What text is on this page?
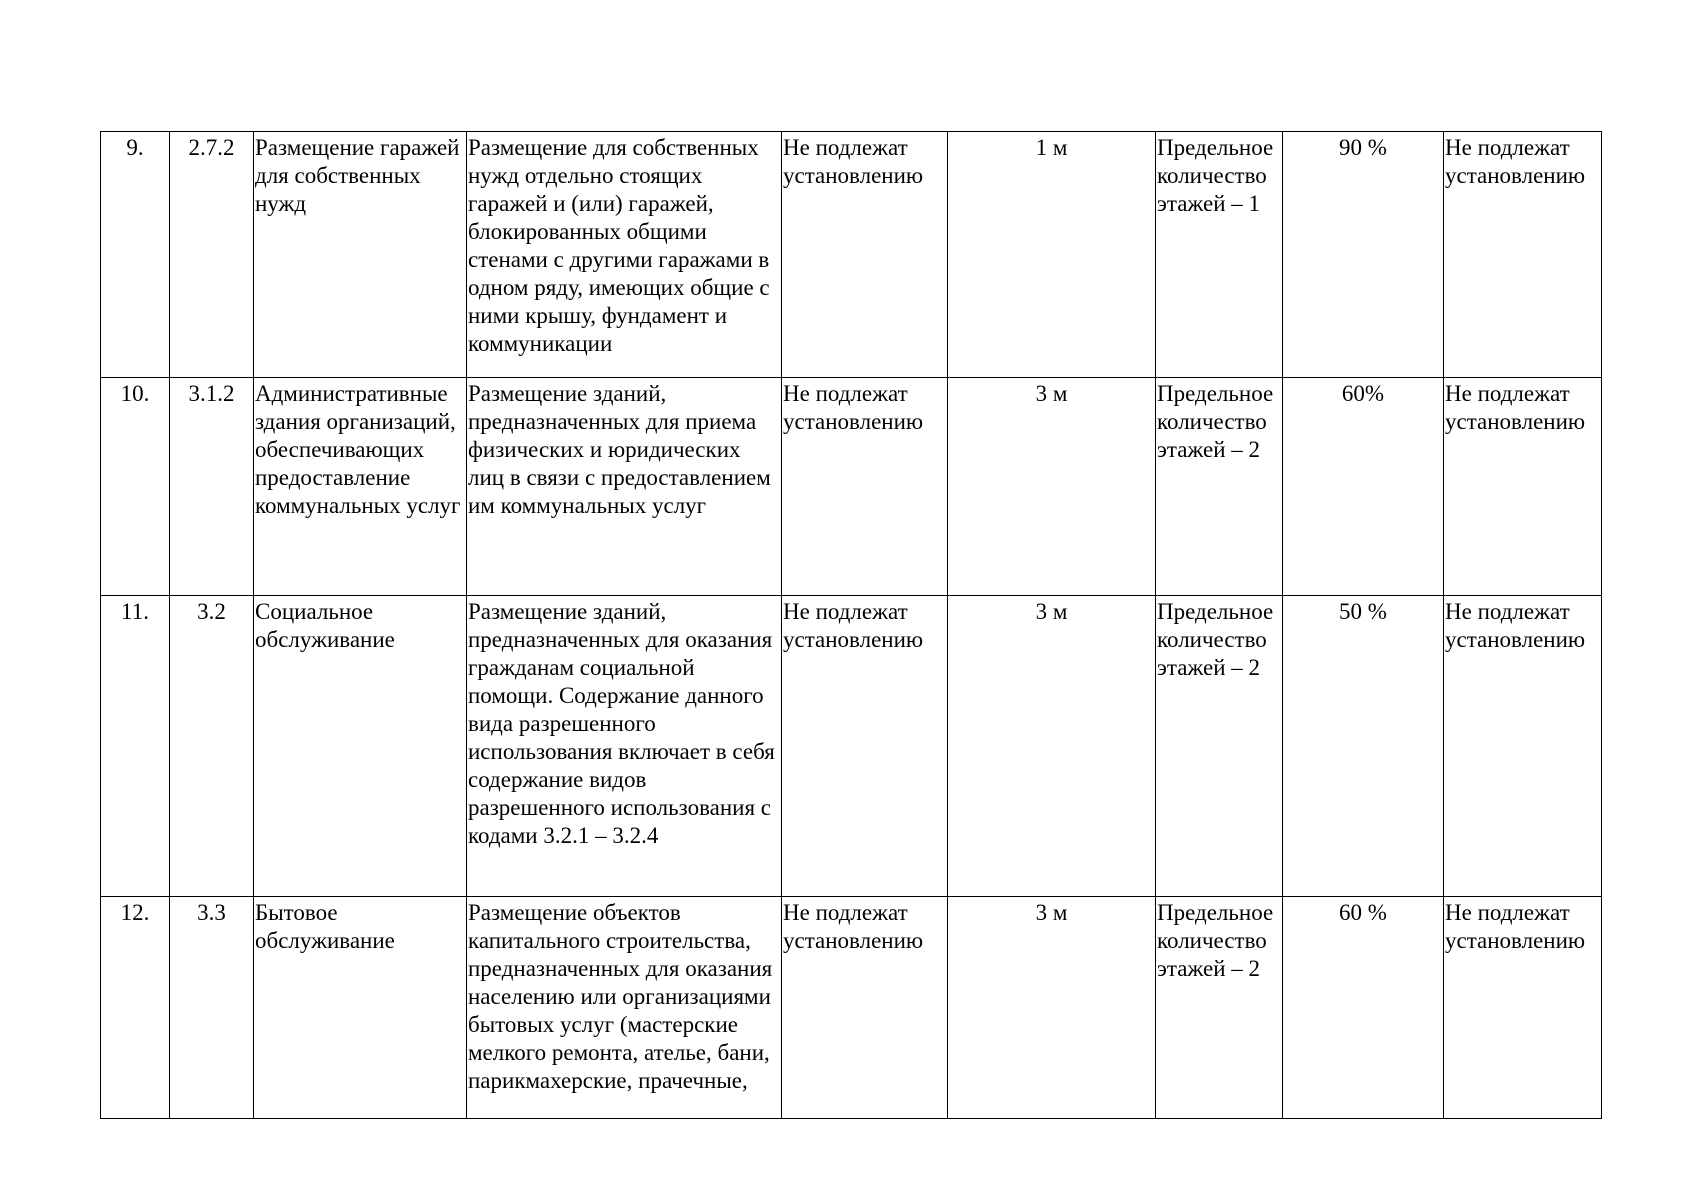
9.	2.7.2	Размещение гаражей для собственных нужд	Размещение для собственных нужд отдельно стоящих гаражей и (или) гаражей, блокированных общими стенами с другими гаражами в одном ряду, имеющих общие с ними крышу, фундамент и коммуникации	Не подлежат установлению	1 м	Предельное количество этажей – 1	90 %	Не подлежат установлению

10.	3.1.2	Административные здания организаций, обеспечивающих предоставление коммунальных услуг	Размещение зданий, предназначенных для приема физических и юридических лиц в связи с предоставлением им коммунальных услуг	Не подлежат установлению	3 м	Предельное количество этажей – 2	60%	Не подлежат установлению

11.	3.2	Социальное обслуживание	Размещение зданий, предназначенных для оказания гражданам социальной помощи. Содержание данного вида разрешенного использования включает в себя содержание видов разрешенного использования с кодами 3.2.1 – 3.2.4	Не подлежат установлению	3 м	Предельное количество этажей – 2	50 %	Не подлежат установлению

12.	3.3	Бытовое обслуживание	Размещение объектов капитального строительства, предназначенных для оказания населению или организациями бытовых услуг (мастерские мелкого ремонта, ателье, бани, парикмахерские, прачечные,	Не подлежат установлению	3 м	Предельное количество этажей – 2	60 %	Не подлежат установлению
